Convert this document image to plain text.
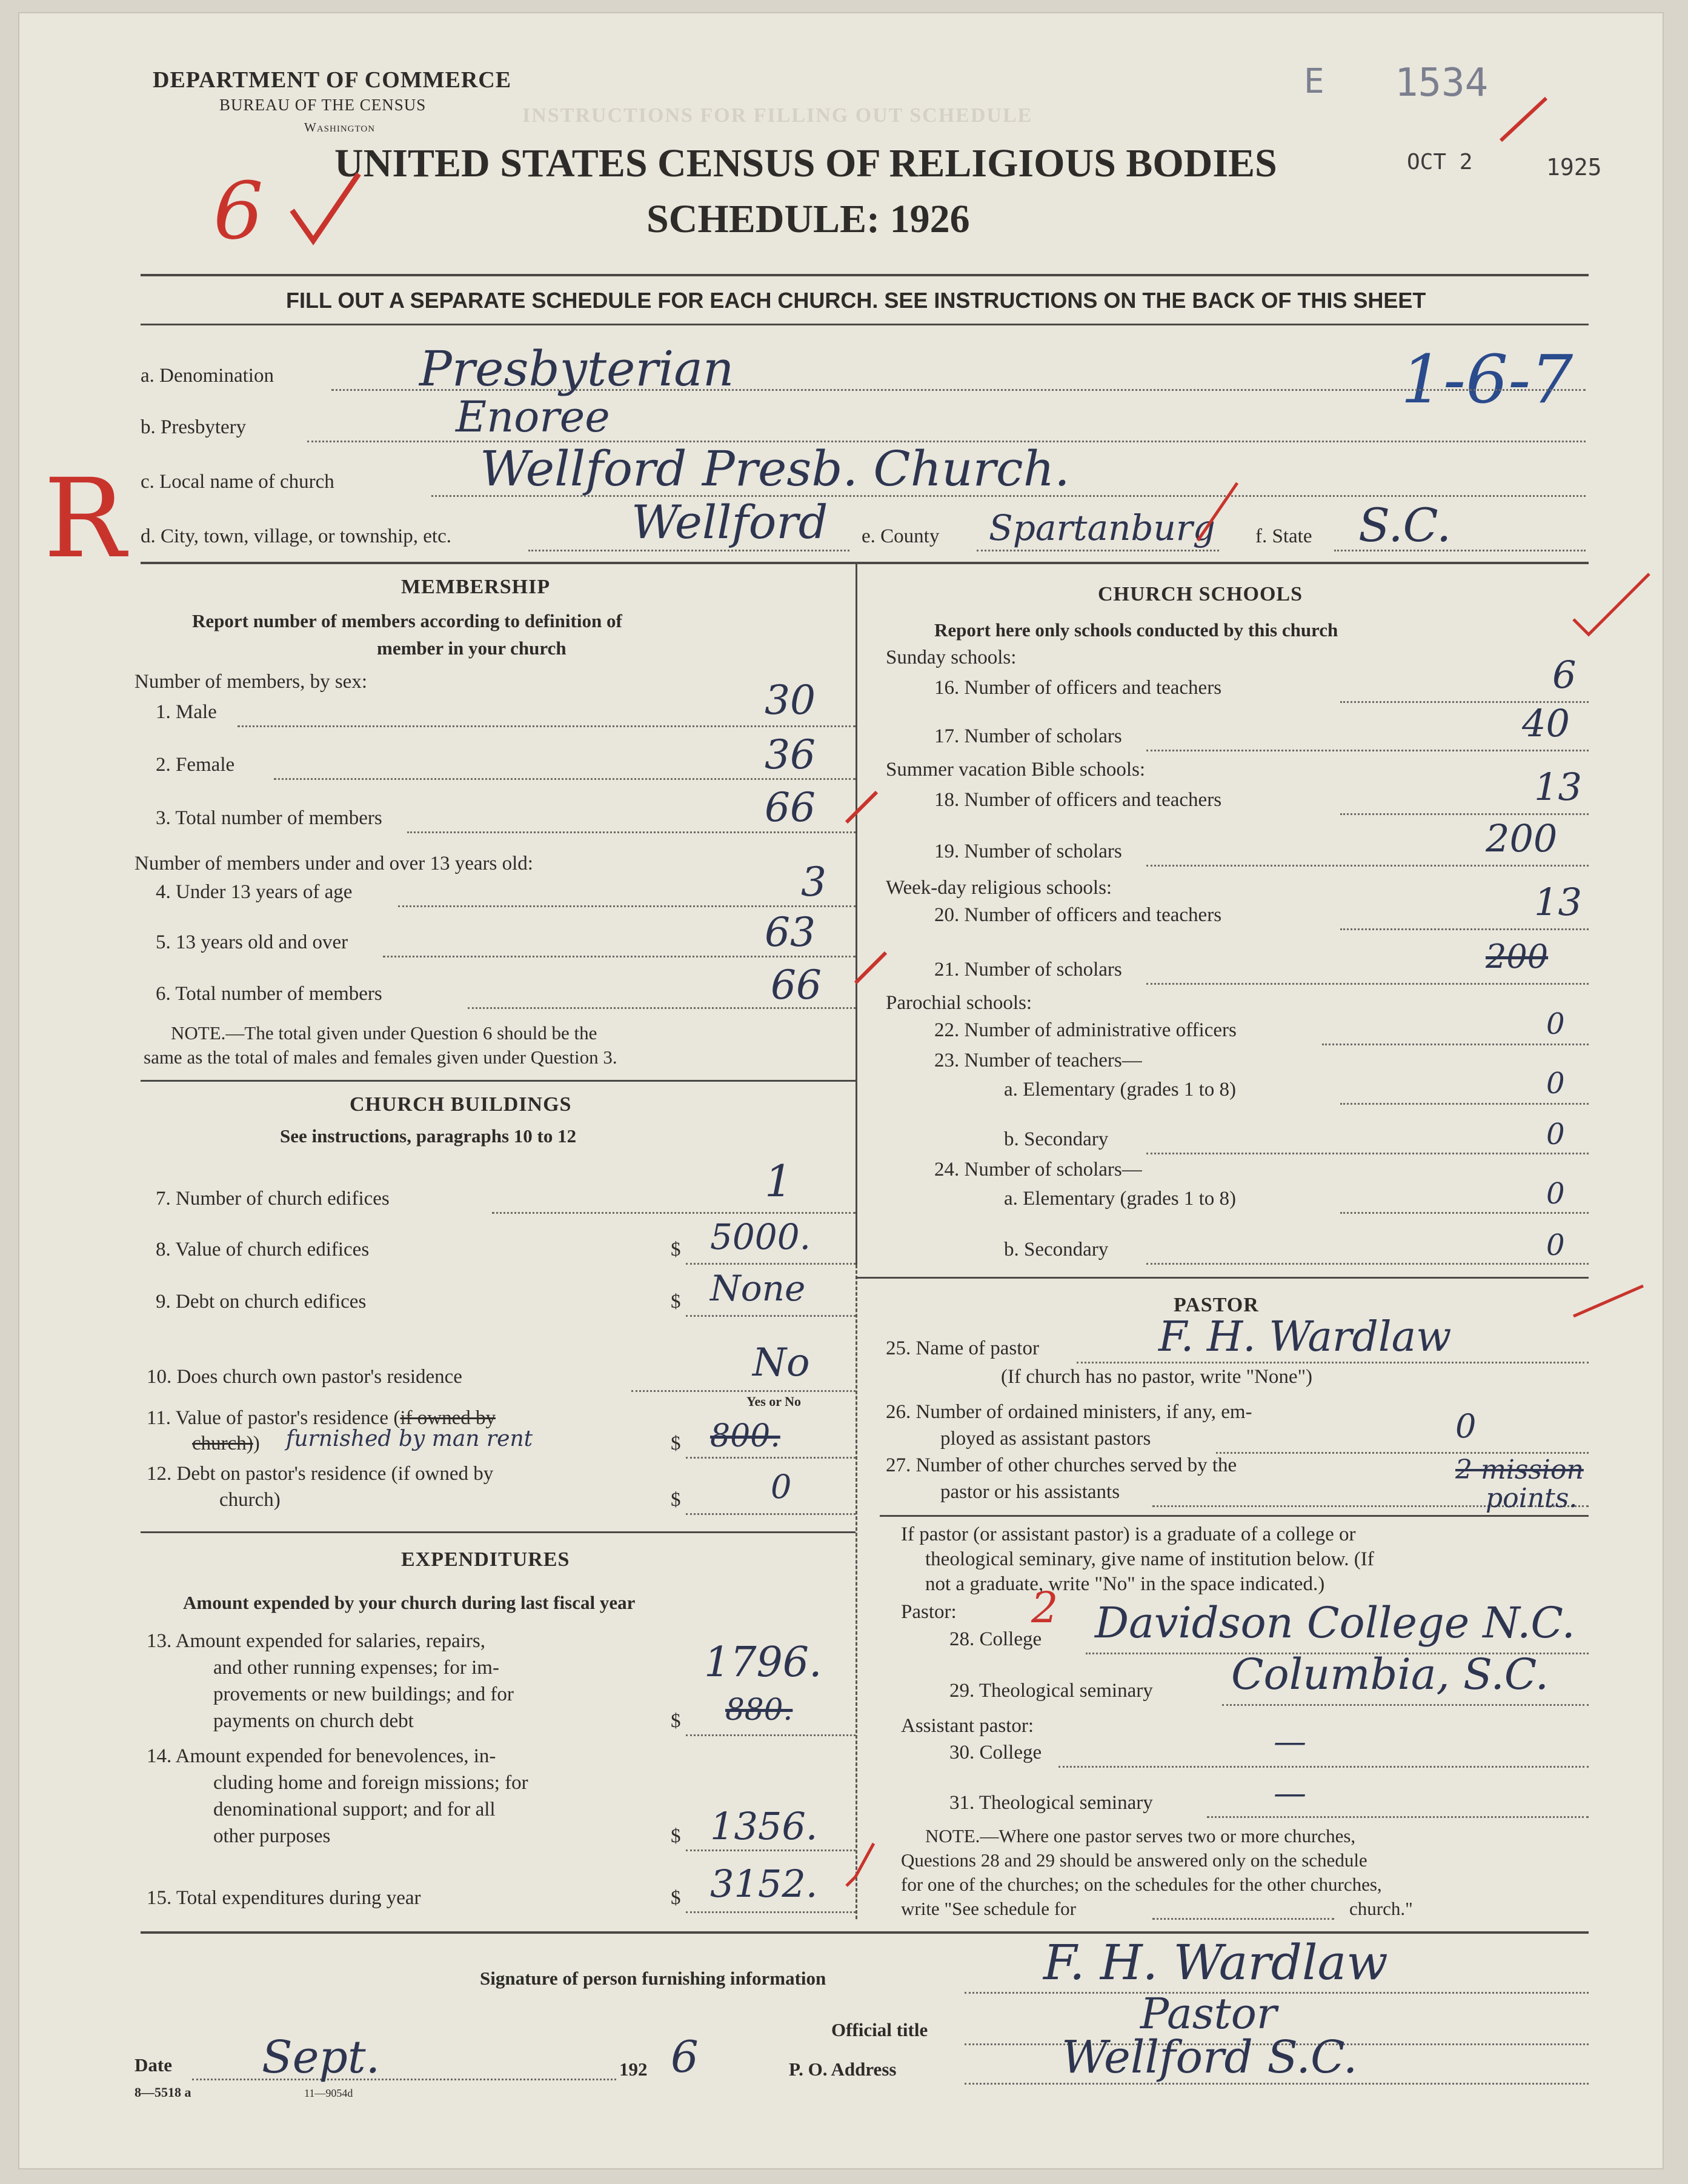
INSTRUCTIONS FOR FILLING OUT SCHEDULE
DEPARTMENT OF COMMERCE
BUREAU OF THE CENSUS
Washington
E 1534
OCT 2	1925
UNITED STATES CENSUS OF RELIGIOUS BODIES
SCHEDULE: 1926
6
FILL OUT A SEPARATE SCHEDULE FOR EACH CHURCH. SEE INSTRUCTIONS ON THE BACK OF THIS SHEET
R
1-6-7
a. Denomination	Presbyterian
b. Presbytery	Enoree
c. Local name of church	Wellford Presb. Church.
d. City, town, village, or township, etc.	Wellford e. County Spartanburg f. State S.C.
MEMBERSHIP
Report number of members according to definition of
member in your church
Number of members, by sex:
1. Male	30
2. Female	36
3. Total number of members	66
Number of members under and over 13 years old:
4. Under 13 years of age	3
5. 13 years old and over	63
6. Total number of members	66
NOTE.—The total given under Question 6 should be the
same as the total of males and females given under Question 3.
CHURCH BUILDINGS
See instructions, paragraphs 10 to 12
7. Number of church edifices	1
8. Value of church edifices	$ 5000.
9. Debt on church edifices	$ None
10. Does church own pastor's residence	No
Yes or No
11. Value of pastor's residence (if owned by
church)) furnished by man rent	$ 800.
12. Debt on pastor's residence (if owned by
church)	$	0
EXPENDITURES
Amount expended by your church during last fiscal year
13. Amount expended for salaries, repairs,
and other running expenses; for im-
provements or new buildings; and for
payments on church debt	$
1796.
880.
14. Amount expended for benevolences, in-
cluding home and foreign missions; for
denominational support; and for all
other purposes	$ 1356.
15. Total expenditures during year	$ 3152.
CHURCH SCHOOLS
Report here only schools conducted by this church
Sunday schools:
16. Number of officers and teachers	6
17. Number of scholars	40
Summer vacation Bible schools:
18. Number of officers and teachers	13
19. Number of scholars	200
Week-day religious schools:
20. Number of officers and teachers	13
21. Number of scholars	200
Parochial schools:
22. Number of administrative officers	0
23. Number of teachers—
a. Elementary (grades 1 to 8)	0
b. Secondary	0
24. Number of scholars—
a. Elementary (grades 1 to 8)	0
b. Secondary	0
PASTOR
25. Name of pastor	F. H. Wardlaw
(If church has no pastor, write "None")
26. Number of ordained ministers, if any, em-
ployed as assistant pastors	0
27. Number of other churches served by the
pastor or his assistants
2 mission
points.
If pastor (or assistant pastor) is a graduate of a college or
theological seminary, give name of institution below. (If
not a graduate, write "No" in the space indicated.)
Pastor: 2
28. College Davidson College N.C.
29. Theological seminary Columbia, S.C.
Assistant pastor:
30. College	—
31. Theological seminary	—
NOTE.—Where one pastor serves two or more churches,
Questions 28 and 29 should be answered only on the schedule
for one of the churches; on the schedules for the other churches,
write "See schedule for	church."
Signature of person furnishing information	F. H. Wardlaw
Official title	Pastor
Date Sept.	192 6	P. O. Address	Wellford S.C.
8—5518 a	11—9054d
